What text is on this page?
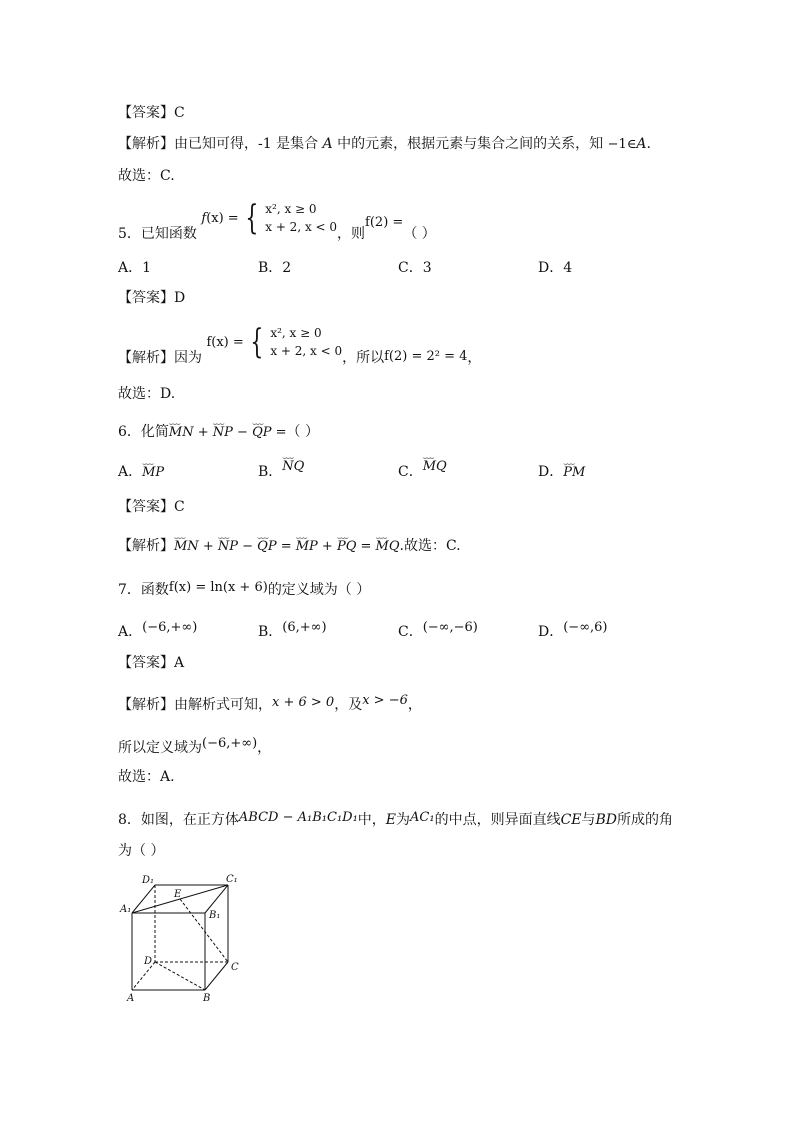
【答案】C
【解析】由已知可得，-1 是集合 A 中的元素，根据元素与集合之间的关系，知 −1∈A.
故选：C.
5．已知函数 f(x) = { x², x ≥ 0
x + 2, x < 0，则f(2) =（ ）
A．1	B．2	C．3	D．4
【答案】D
【解析】因为 f(x) = { x², x ≥ 0
x + 2, x < 0，所以f(2) = 2² = 4，
故选：D.
6．化简⌣⌣⌣ MN + ⌣⌣⌣ NP − ⌣⌣⌣ QP =（ ）
A．⌣⌣⌣ MP	B．⌣⌣⌣ NQ	C．⌣⌣⌣ MQ	D．⌣⌣⌣ PM
【答案】C
【解析】⌣⌣⌣ MN + ⌣⌣⌣ NP − ⌣⌣⌣ QP = ⌣⌣⌣ MP + ⌣⌣⌣ PQ = ⌣⌣⌣ MQ.故选：C.
7．函数f(x) = ln(x + 6)的定义域为（ ）
A．(−6,+∞)	B．(6,+∞)	C．(−∞,−6)	D．(−∞,6)
【答案】A
【解析】由解析式可知，x + 6 > 0，及x > −6，
所以定义域为(−6,+∞)，
故选：A.
8．如图，在正方体ABCD − A₁B₁C₁D₁中，E为AC₁的中点，则异面直线CE与BD所成的角
为（ ）
D₁	C₁
A₁
B₁
E
D
C
A	B
